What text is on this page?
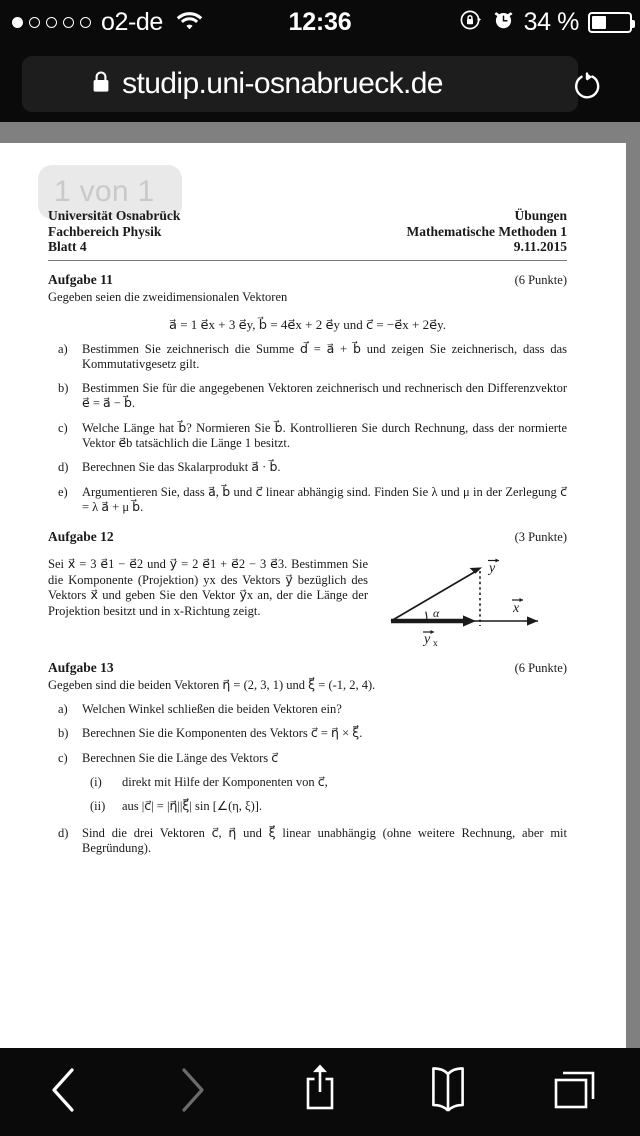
o2-de	12:36	34 %
studip.uni-osnabrueck.de
1 von 1
Universität Osnabrück
Fachbereich Physik
Blatt 4
Übungen
Mathematische Methoden 1
9.11.2015
Aufgabe 11	(6 Punkte)
Gegeben seien die zweidimensionalen Vektoren
a⃗ = 1 e⃗x + 3 e⃗y, b⃗ = 4e⃗x + 2 e⃗y und c⃗ = −e⃗x + 2e⃗y.
a) Bestimmen Sie zeichnerisch die Summe d⃗ = a⃗ + b⃗ und zeigen Sie zeichnerisch, dass das Kommutativgesetz gilt.
b) Bestimmen Sie für die angegebenen Vektoren zeichnerisch und rechnerisch den Differenzvektor e⃗ = a⃗ − b⃗.
c) Welche Länge hat b⃗? Normieren Sie b⃗. Kontrollieren Sie durch Rechnung, dass der normierte Vektor e⃗b tatsächlich die Länge 1 besitzt.
d) Berechnen Sie das Skalarprodukt a⃗ · b⃗.
e) Argumentieren Sie, dass a⃗, b⃗ und c⃗ linear abhängig sind. Finden Sie λ und μ in der Zerlegung c⃗ = λ a⃗ + μ b⃗.
Aufgabe 12	(3 Punkte)
Sei x⃗ = 3 e⃗1 − e⃗2 und y⃗ = 2 e⃗1 + e⃗2 − 3 e⃗3. Bestimmen Sie die Komponente (Projektion) yx des Vektors y⃗ bezüglich des Vektors x⃗ und geben Sie den Vektor y⃗x an, der die Länge der Projektion besitzt und in x-Richtung zeigt.
y
x
y x
α
Aufgabe 13	(6 Punkte)
Gegeben sind die beiden Vektoren η⃗ = (2, 3, 1) und ξ⃗ = (-1, 2, 4).
a) Welchen Winkel schließen die beiden Vektoren ein?
b) Berechnen Sie die Komponenten des Vektors c⃗ = η⃗ × ξ⃗.
c) Berechnen Sie die Länge des Vektors c⃗
(i) direkt mit Hilfe der Komponenten von c⃗,
(ii) aus |c⃗| = |η⃗||ξ⃗| sin [∠(η, ξ)].
d) Sind die drei Vektoren c⃗, η⃗ und ξ⃗ linear unabhängig (ohne weitere Rechnung, aber mit Begründung).
